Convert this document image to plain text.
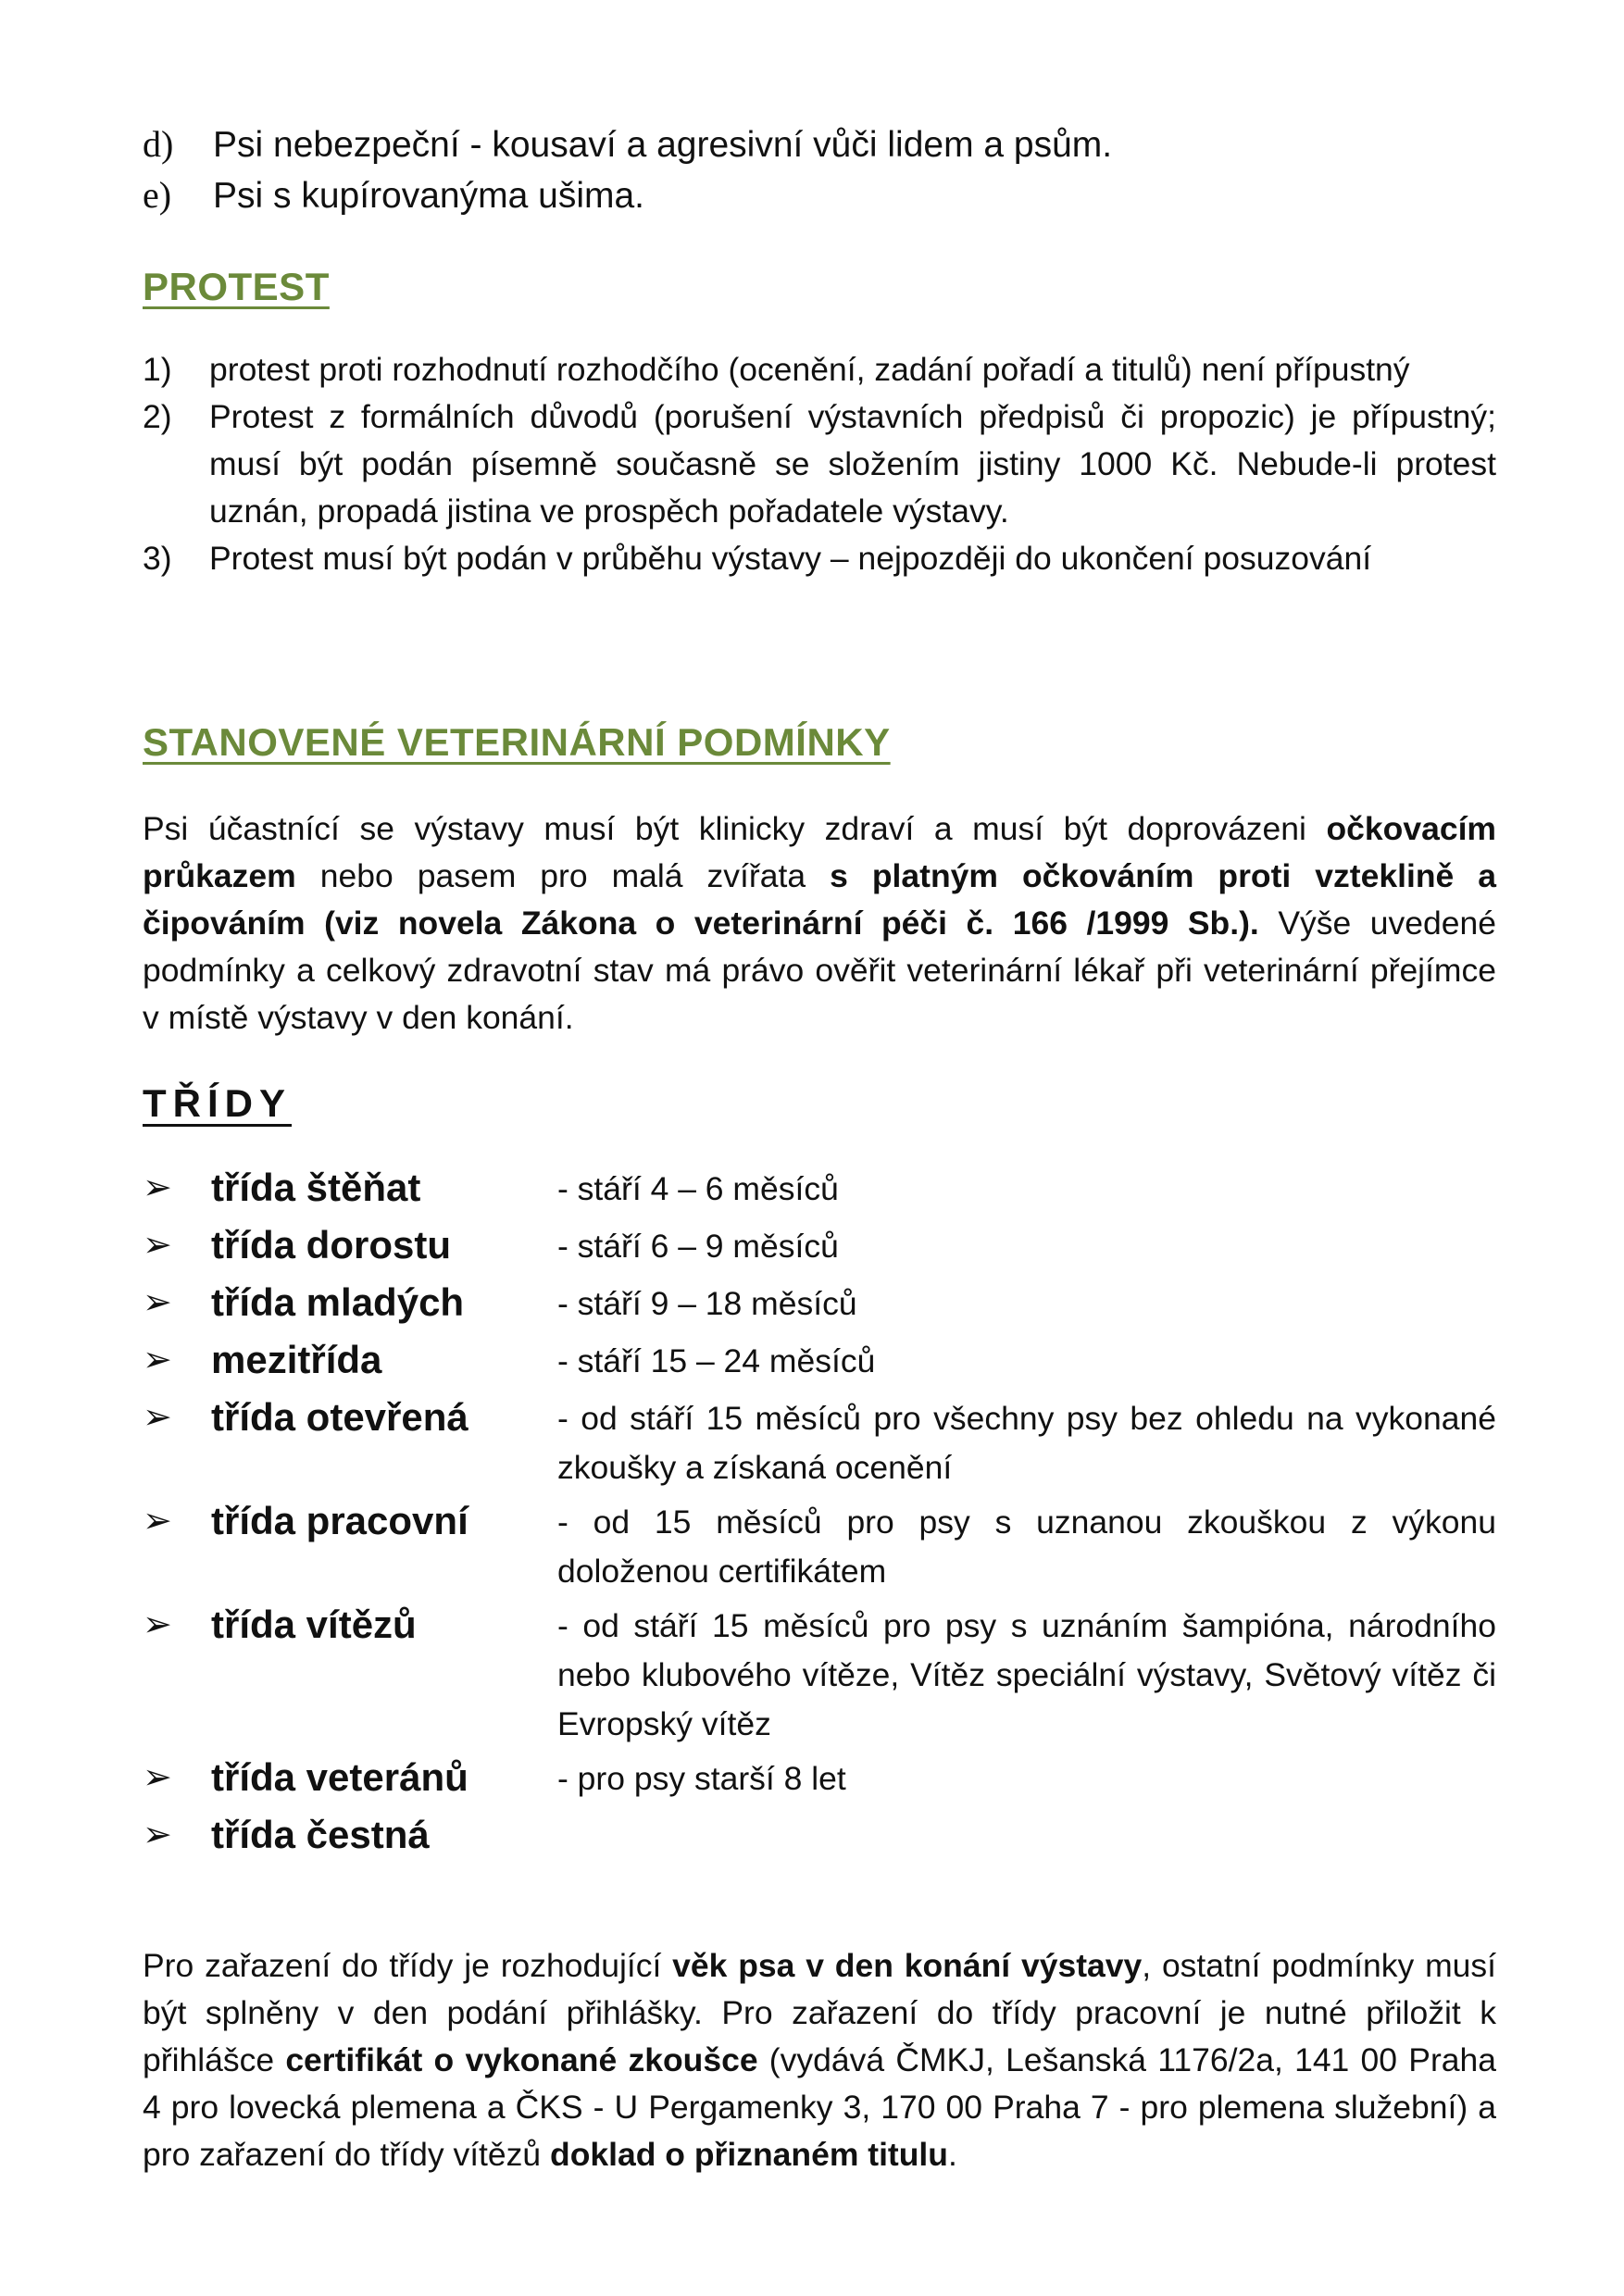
d)	Psi nebezpeční - kousaví a agresivní vůči lidem a psům.
e)	Psi s kupírovanýma ušima.
PROTEST
1)	protest proti rozhodnutí rozhodčího (ocenění, zadání pořadí a titulů) není přípustný
2)	Protest z formálních důvodů (porušení výstavních předpisů či propozic) je přípustný; musí být podán písemně současně se složením jistiny 1000 Kč. Nebude-li protest uznán, propadá jistina ve prospěch pořadatele výstavy.
3)	Protest musí být podán v průběhu výstavy – nejpozději do ukončení posuzování
STANOVENÉ VETERINÁRNÍ PODMÍNKY
Psi účastnící se výstavy musí být klinicky zdraví a musí být doprovázeni očkovacím průkazem nebo pasem pro malá zvířata s platným očkováním proti vzteklině a čipováním (viz novela Zákona o veterinární péči č. 166 /1999 Sb.). Výše uvedené podmínky a celkový zdravotní stav má právo ověřit veterinární lékař při veterinární přejímce v místě výstavy v den konání.
TŘÍDY
➢	třída štěňat	- stáří 4 – 6 měsíců
➢	třída dorostu	- stáří 6 – 9 měsíců
➢	třída mladých	- stáří 9 – 18 měsíců
➢	mezitřída	- stáří 15 – 24 měsíců
➢	třída otevřená	- od stáří 15 měsíců pro všechny psy bez ohledu na vykonané zkoušky a získaná ocenění
➢	třída pracovní	- od 15 měsíců pro psy s uznanou zkouškou z výkonu doloženou certifikátem
➢	třída vítězů	- od stáří 15 měsíců pro psy s uznáním šampióna, národního nebo klubového vítěze, Vítěz speciální výstavy, Světový vítěz či Evropský vítěz
➢	třída veteránů	- pro psy starší 8 let
➢	třída čestná
Pro zařazení do třídy je rozhodující věk psa v den konání výstavy, ostatní podmínky musí být splněny v den podání přihlášky. Pro zařazení do třídy pracovní je nutné přiložit k přihlášce certifikát o vykonané zkoušce (vydává ČMKJ, Lešanská 1176/2a, 141 00 Praha 4 pro lovecká plemena a ČKS - U Pergamenky 3, 170 00 Praha 7 - pro plemena služební) a pro zařazení do třídy vítězů doklad o přiznaném titulu.
